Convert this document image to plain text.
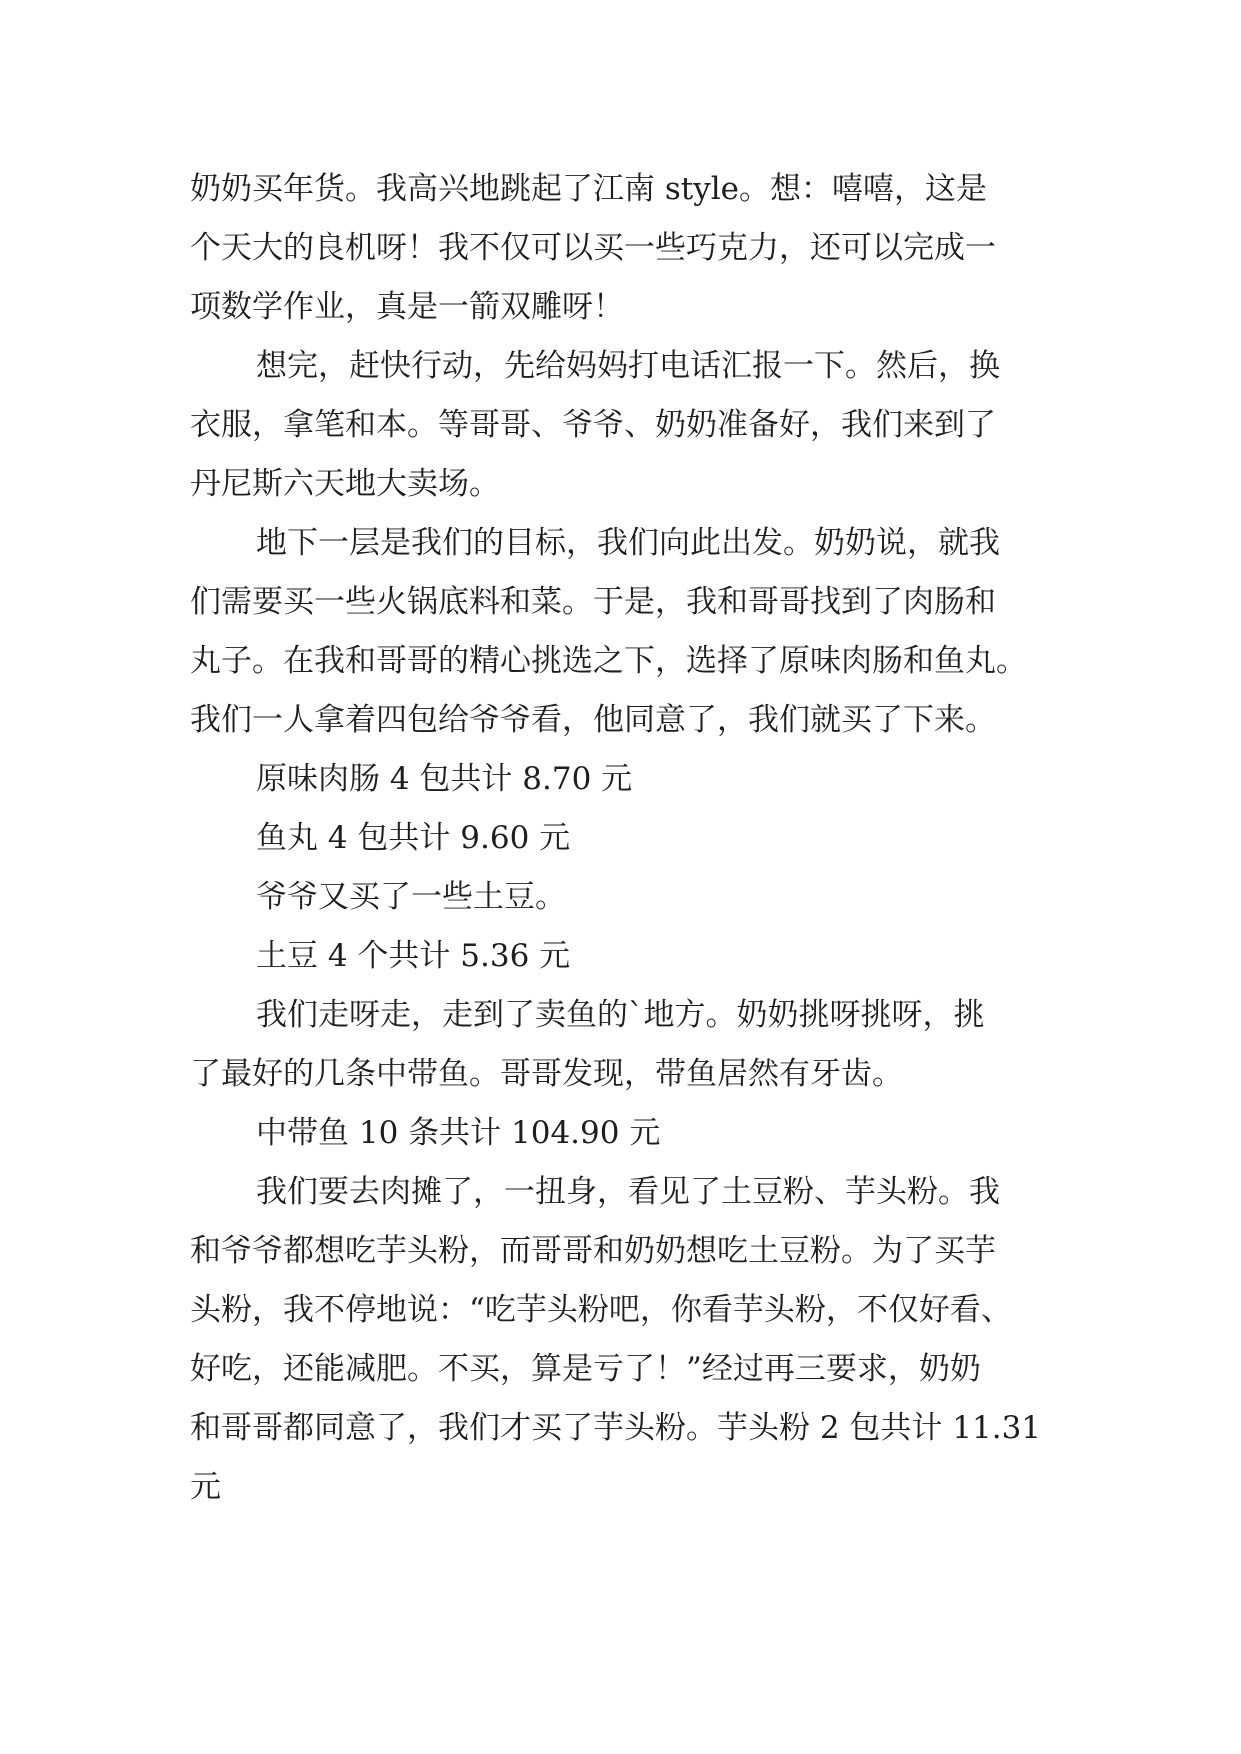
奶奶买年货。我高兴地跳起了江南 style。想：嘻嘻，这是
个天大的良机呀！我不仅可以买一些巧克力，还可以完成一
项数学作业，真是一箭双雕呀！
想完，赶快行动，先给妈妈打电话汇报一下。然后，换
衣服，拿笔和本。等哥哥、爷爷、奶奶准备好，我们来到了
丹尼斯六天地大卖场。
地下一层是我们的目标，我们向此出发。奶奶说，就我
们需要买一些火锅底料和菜。于是，我和哥哥找到了肉肠和
丸子。在我和哥哥的精心挑选之下，选择了原味肉肠和鱼丸。
我们一人拿着四包给爷爷看，他同意了，我们就买了下来。
原味肉肠 4 包共计 8.70 元
鱼丸 4 包共计 9.60 元
爷爷又买了一些土豆。
土豆 4 个共计 5.36 元
我们走呀走，走到了卖鱼的`地方。奶奶挑呀挑呀，挑
了最好的几条中带鱼。哥哥发现，带鱼居然有牙齿。
中带鱼 10 条共计 104.90 元
我们要去肉摊了，一扭身，看见了土豆粉、芋头粉。我
和爷爷都想吃芋头粉，而哥哥和奶奶想吃土豆粉。为了买芋
头粉，我不停地说：“吃芋头粉吧，你看芋头粉，不仅好看、
好吃，还能减肥。不买，算是亏了！”经过再三要求，奶奶
和哥哥都同意了，我们才买了芋头粉。芋头粉 2 包共计 11.31
元
